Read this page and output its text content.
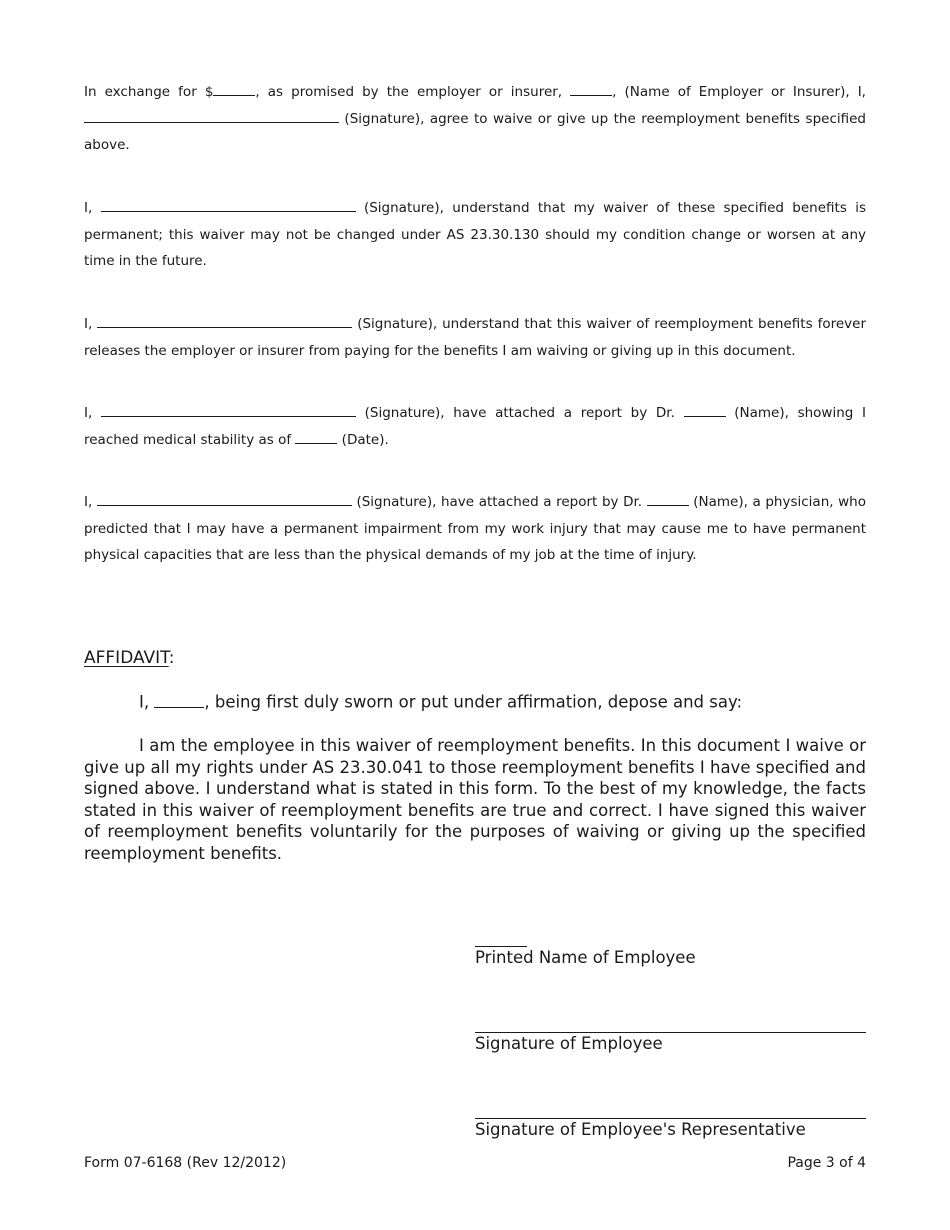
In exchange for $	, as promised by the employer or insurer,	, (Name of Employer or Insurer), I,  (Signature), agree to waive or give up the reemployment benefits specified above.
I,	(Signature), understand that my waiver of these specified benefits is permanent; this waiver may not be changed under AS 23.30.130 should my condition change or worsen at any time in the future.
I,	(Signature), understand that this waiver of reemployment benefits forever releases the employer or insurer from paying for the benefits I am waiving or giving up in this document.
I,	(Signature), have attached a report by Dr.	(Name), showing I reached medical stability as of	(Date).
I,	(Signature), have attached a report by Dr.	(Name), a physician, who predicted that I may have a permanent impairment from my work injury that may cause me to have permanent physical capacities that are less than the physical demands of my job at the time of injury.
AFFIDAVIT:
I,	, being first duly sworn or put under affirmation, depose and say:
I am the employee in this waiver of reemployment benefits. In this document I waive or give up all my rights under AS 23.30.041 to those reemployment benefits I have specified and signed above. I understand what is stated in this form. To the best of my knowledge, the facts stated in this waiver of reemployment benefits are true and correct. I have signed this waiver of reemployment benefits voluntarily for the purposes of waiving or giving up the specified reemployment benefits.
Printed Name of Employee
Signature of Employee
Signature of Employee's Representative
Form 07-6168 (Rev 12/2012)	Page 3 of 4
